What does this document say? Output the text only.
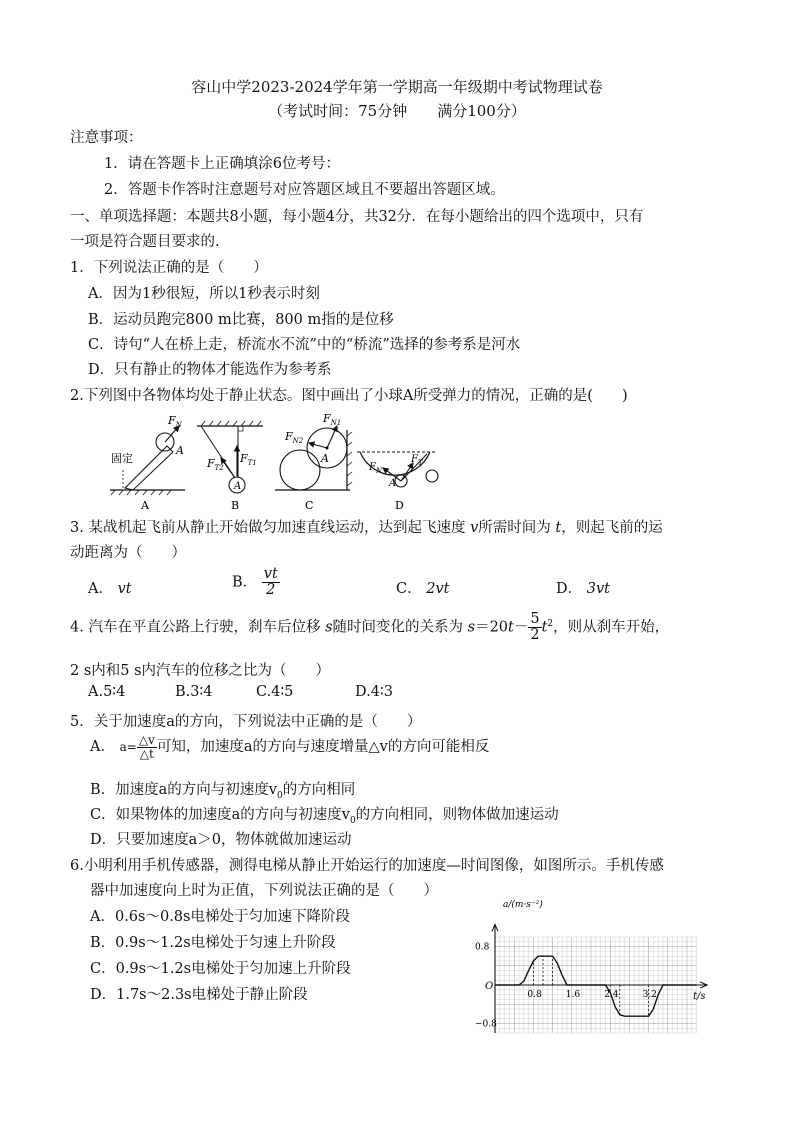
容山中学2023-2024学年第一学期高一年级期中考试物理试卷
（考试时间：75分钟　　满分100分）
注意事项：
1．请在答题卡上正确填涂6位考号：
2．答题卡作答时注意题号对应答题区域且不要超出答题区域。
一、单项选择题：本题共8小题，每小题4分，共32分．在每小题给出的四个选项中，只有
一项是符合题目要求的.
1．下列说法正确的是（　　）
A．因为1秒很短，所以1秒表示时刻
B．运动员跑完800 m比赛，800 m指的是位移
C．诗句“人在桥上走，桥流水不流”中的“桥流”选择的参考系是河水
D．只有静止的物体才能选作为参考系
2.下列图中各物体均处于静止状态。图中画出了小球A所受弹力的情况，正确的是(　　)
$F_N$
A
固定
A
$F_{T1}$
$F_{T2}$
A
B
$F_{N1}$
$F_{N2}$
A
C
$F_N$
$F_T$
A
D
3. 某战机起飞前从静止开始做匀加速直线运动，达到起飞速度 v所需时间为 t，则起飞前的运
动距离为（　　）
A． vt	B． $\frac{vt}{2}$	C． 2vt	D． 3vt
4. 汽车在平直公路上行驶，刹车后位移 s随时间变化的关系为 $s=20t- \frac{5}{2} t^2$，则从刹车开始，
2 s内和5 s内汽车的位移之比为（　　）
A.5∶4	B.3∶4	C.4∶5	D.4∶3
5．关于加速度a的方向，下列说法中正确的是（　　）
A． $a= \frac{\triangle v}{\triangle t}$ 可知，加速度a的方向与速度增量△v的方向可能相反
B．加速度a的方向与初速度$v_0$的方向相同
C．如果物体的加速度a的方向与初速度$v_0$的方向相同，则物体做加速运动
D．只要加速度a＞0，物体就做加速运动
6.小明利用手机传感器，测得电梯从静止开始运行的加速度—时间图像，如图所示。手机传感
器中加速度向上时为正值，下列说法正确的是（　　）
A．0.6s～0.8s电梯处于匀加速下降阶段
B．0.9s～1.2s电梯处于匀速上升阶段
C．0.9s～1.2s电梯处于匀加速上升阶段
D．1.7s～2.3s电梯处于静止阶段
a/(m·s⁻²)
t/s
O
0.8	1.6	2.4	3.2
0.8
−0.8
